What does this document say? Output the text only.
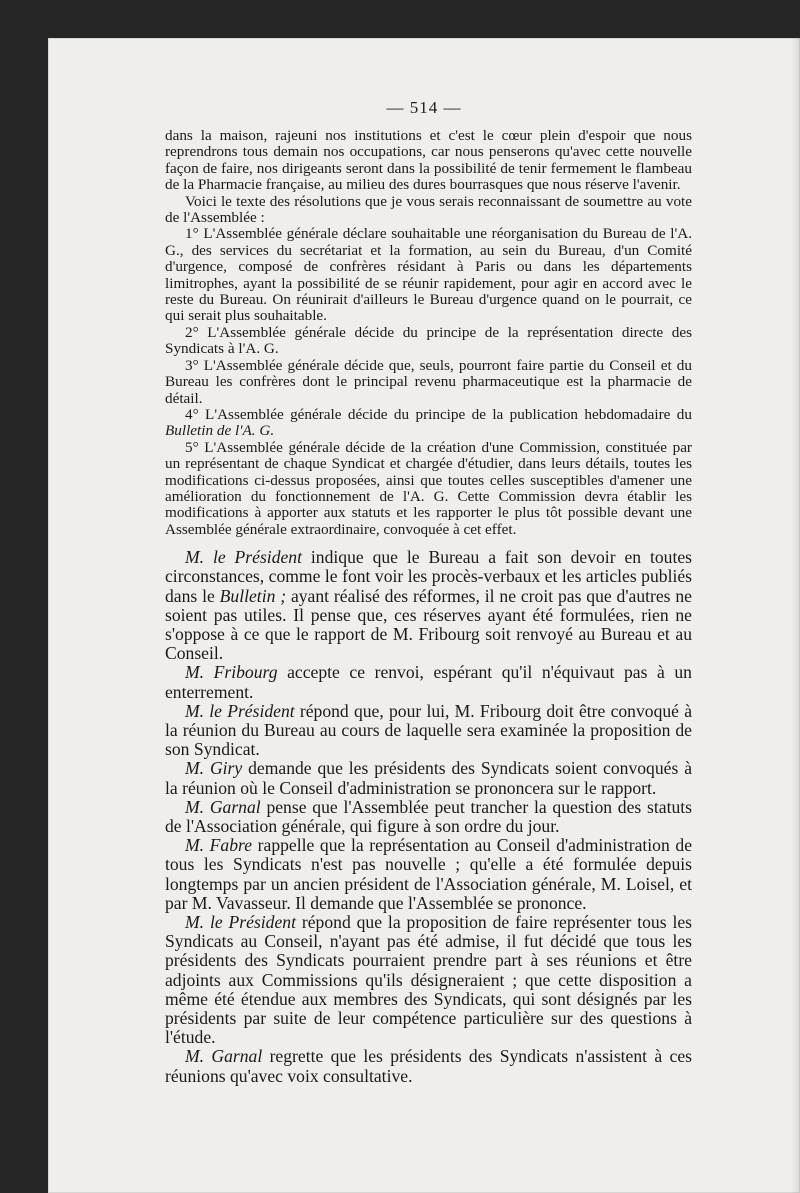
— 514 —

dans la maison, rajeuni nos institutions et c'est le cœur plein d'espoir que nous reprendrons tous demain nos occupations, car nous penserons qu'avec cette nouvelle façon de faire, nos dirigeants seront dans la possibilité de tenir fermement le flambeau de la Pharmacie française, au milieu des dures bourrasques que nous réserve l'avenir.

Voici le texte des résolutions que je vous serais reconnaissant de soumettre au vote de l'Assemblée :

1° L'Assemblée générale déclare souhaitable une réorganisation du Bureau de l'A. G., des services du secrétariat et la formation, au sein du Bureau, d'un Comité d'urgence, composé de confrères résidant à Paris ou dans les départements limitrophes, ayant la possibilité de se réunir rapidement, pour agir en accord avec le reste du Bureau. On réunirait d'ailleurs le Bureau d'urgence quand on le pourrait, ce qui serait plus souhaitable.

2° L'Assemblée générale décide du principe de la représentation directe des Syndicats à l'A. G.

3° L'Assemblée générale décide que, seuls, pourront faire partie du Conseil et du Bureau les confrères dont le principal revenu pharmaceutique est la pharmacie de détail.

4° L'Assemblée générale décide du principe de la publication hebdomadaire du Bulletin de l'A. G.

5° L'Assemblée générale décide de la création d'une Commission, constituée par un représentant de chaque Syndicat et chargée d'étudier, dans leurs détails, toutes les modifications ci-dessus proposées, ainsi que toutes celles susceptibles d'amener une amélioration du fonctionnement de l'A. G. Cette Commission devra établir les modifications à apporter aux statuts et les rapporter le plus tôt possible devant une Assemblée générale extraordinaire, convoquée à cet effet.

M. le Président indique que le Bureau a fait son devoir en toutes circonstances, comme le font voir les procès-verbaux et les articles publiés dans le Bulletin ; ayant réalisé des réformes, il ne croit pas que d'autres ne soient pas utiles. Il pense que, ces réserves ayant été formulées, rien ne s'oppose à ce que le rapport de M. Fribourg soit renvoyé au Bureau et au Conseil.

M. Fribourg accepte ce renvoi, espérant qu'il n'équivaut pas à un enterrement.

M. le Président répond que, pour lui, M. Fribourg doit être convoqué à la réunion du Bureau au cours de laquelle sera examinée la proposition de son Syndicat.

M. Giry demande que les présidents des Syndicats soient convoqués à la réunion où le Conseil d'administration se prononcera sur le rapport.

M. Garnal pense que l'Assemblée peut trancher la question des statuts de l'Association générale, qui figure à son ordre du jour.

M. Fabre rappelle que la représentation au Conseil d'administration de tous les Syndicats n'est pas nouvelle ; qu'elle a été formulée depuis longtemps par un ancien président de l'Association générale, M. Loisel, et par M. Vavasseur. Il demande que l'Assemblée se prononce.

M. le Président répond que la proposition de faire représenter tous les Syndicats au Conseil, n'ayant pas été admise, il fut décidé que tous les présidents des Syndicats pourraient prendre part à ses réunions et être adjoints aux Commissions qu'ils désigneraient ; que cette disposition a même été étendue aux membres des Syndicats, qui sont désignés par les présidents par suite de leur compétence particulière sur des questions à l'étude.

M. Garnal regrette que les présidents des Syndicats n'assistent à ces réunions qu'avec voix consultative.
